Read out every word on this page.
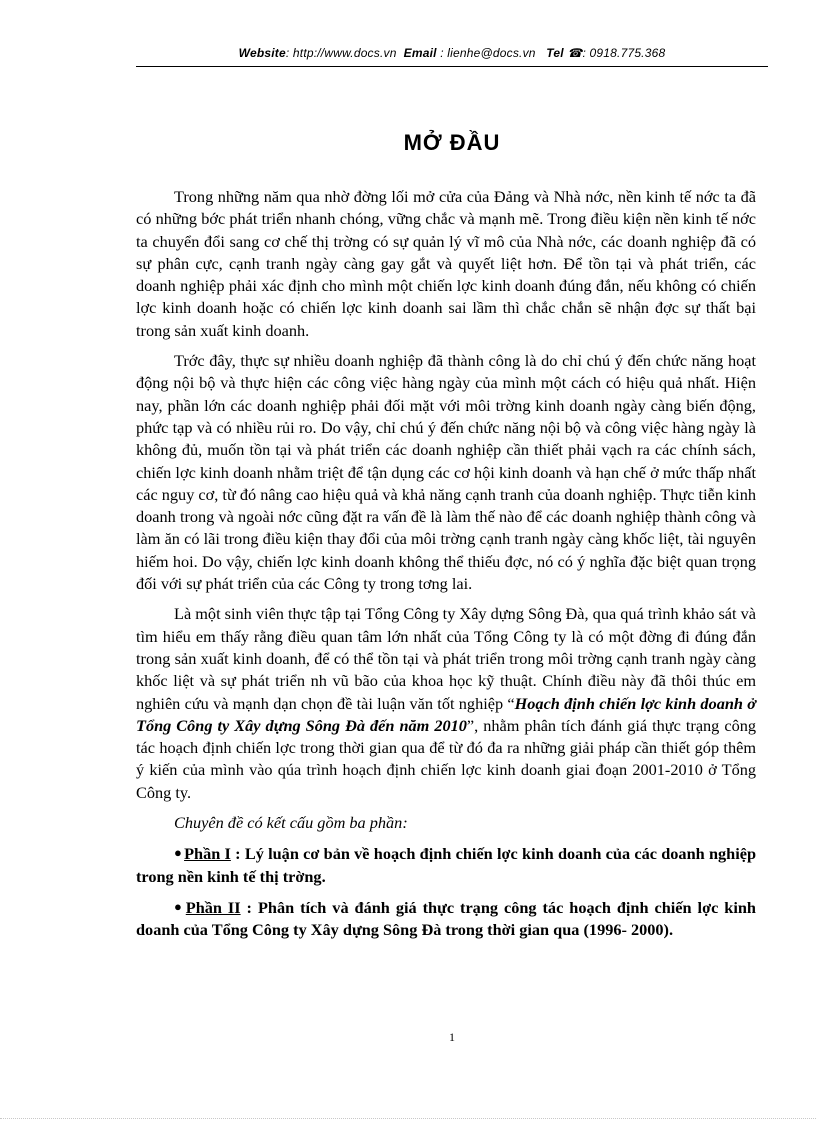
Website: http://www.docs.vn Email : lienhe@docs.vn Tel ☎: 0918.775.368
MỞ ĐẦU

Trong những năm qua nhờ đờng lối mở cửa của Đảng và Nhà nớc, nền kinh tế nớc ta đã có những bớc phát triển nhanh chóng, vững chắc và mạnh mẽ. Trong điều kiện nền kinh tế nớc ta chuyển đổi sang cơ chế thị trờng có sự quản lý vĩ mô của Nhà nớc, các doanh nghiệp đã có sự phân cực, cạnh tranh ngày càng gay gắt và quyết liệt hơn. Để tồn tại và phát triển, các doanh nghiệp phải xác định cho mình một chiến lợc kinh doanh đúng đắn, nếu không có chiến lợc kinh doanh hoặc có chiến lợc kinh doanh sai lầm thì chắc chắn sẽ nhận đợc sự thất bại trong sản xuất kinh doanh.

Trớc đây, thực sự nhiều doanh nghiệp đã thành công là do chỉ chú ý đến chức năng hoạt động nội bộ và thực hiện các công việc hàng ngày của mình một cách có hiệu quả nhất. Hiện nay, phần lớn các doanh nghiệp phải đối mặt với môi trờng kinh doanh ngày càng biến động, phức tạp và có nhiều rủi ro. Do vậy, chỉ chú ý đến chức năng nội bộ và công việc hàng ngày là không đủ, muốn tồn tại và phát triển các doanh nghiệp cần thiết phải vạch ra các chính sách, chiến lợc kinh doanh nhằm triệt để tận dụng các cơ hội kinh doanh và hạn chế ở mức thấp nhất các nguy cơ, từ đó nâng cao hiệu quả và khả năng cạnh tranh của doanh nghiệp. Thực tiễn kinh doanh trong và ngoài nớc cũng đặt ra vấn đề là làm thế nào để các doanh nghiệp thành công và làm ăn có lãi trong điều kiện thay đổi của môi trờng cạnh tranh ngày càng khốc liệt, tài nguyên hiếm hoi. Do vậy, chiến lợc kinh doanh không thể thiếu đợc, nó có ý nghĩa đặc biệt quan trọng đối với sự phát triển của các Công ty trong tơng lai.

Là một sinh viên thực tập tại Tổng Công ty Xây dựng Sông Đà, qua quá trình khảo sát và tìm hiểu em thấy rằng điều quan tâm lớn nhất của Tổng Công ty là có một đờng đi đúng đắn trong sản xuất kinh doanh, để có thể tồn tại và phát triển trong môi trờng cạnh tranh ngày càng khốc liệt và sự phát triển nh vũ bão của khoa học kỹ thuật. Chính điều này đã thôi thúc em nghiên cứu và mạnh dạn chọn đề tài luận văn tốt nghiệp “Hoạch định chiến lợc kinh doanh ở Tổng Công ty Xây dựng Sông Đà đến năm 2010”, nhằm phân tích đánh giá thực trạng công tác hoạch định chiến lợc trong thời gian qua để từ đó đa ra những giải pháp cần thiết góp thêm ý kiến của mình vào qúa trình hoạch định chiến lợc kinh doanh giai đoạn 2001-2010 ở Tổng Công ty.

Chuyên đề có kết cấu gồm ba phần:

● Phần I : Lý luận cơ bản về hoạch định chiến lợc kinh doanh của các doanh nghiệp trong nền kinh tế thị trờng.

● Phần II : Phân tích và đánh giá thực trạng công tác hoạch định chiến lợc kinh doanh của Tổng Công ty Xây dựng Sông Đà trong thời gian qua (1996- 2000).

1
